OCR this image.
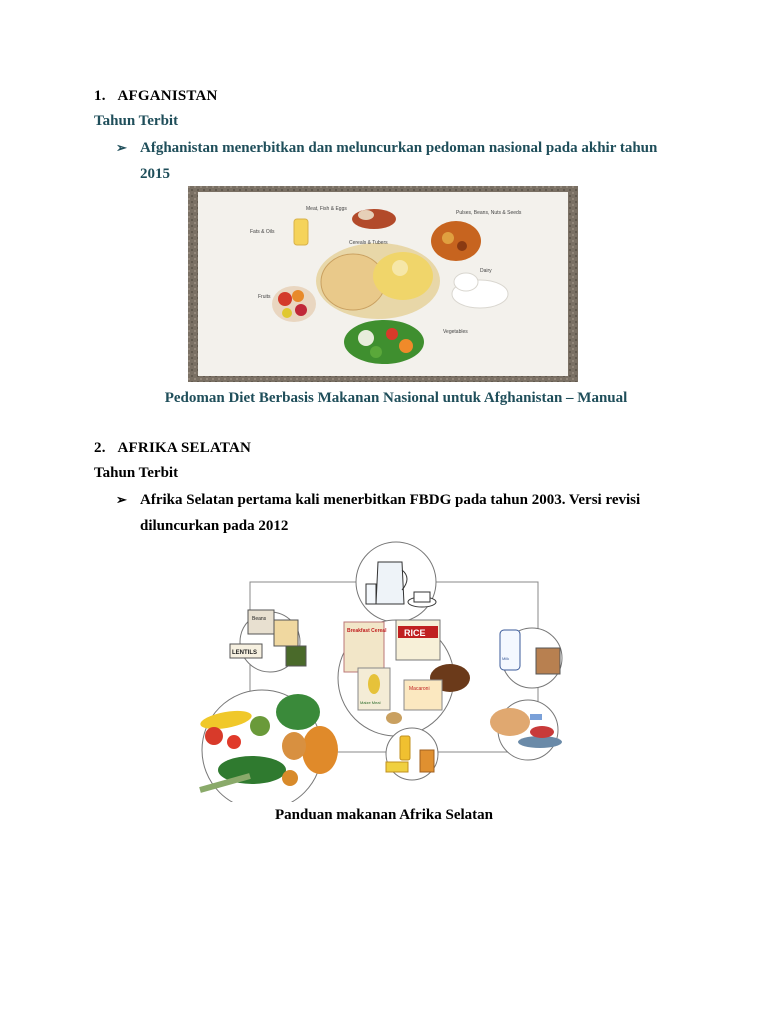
1. AFGANISTAN
Tahun Terbit
➢ Afghanistan menerbitkan dan meluncurkan pedoman nasional pada akhir tahun
2015
Meat, Fish & Eggs
Fats & Oils
Pulses, Beans, Nuts & Seeds
Cereals & Tubers
Dairy
Fruits
Vegetables
Pedoman Diet Berbasis Makanan Nasional untuk Afghanistan – Manual
2. AFRIKA SELATAN
Tahun Terbit
➢ Afrika Selatan pertama kali menerbitkan FBDG pada tahun 2003. Versi revisi
diluncurkan pada 2012
Breakfast Cereal RICE
Maize Meal
Macaroni
Beans
LENTILS
Milk
Panduan makanan Afrika Selatan
